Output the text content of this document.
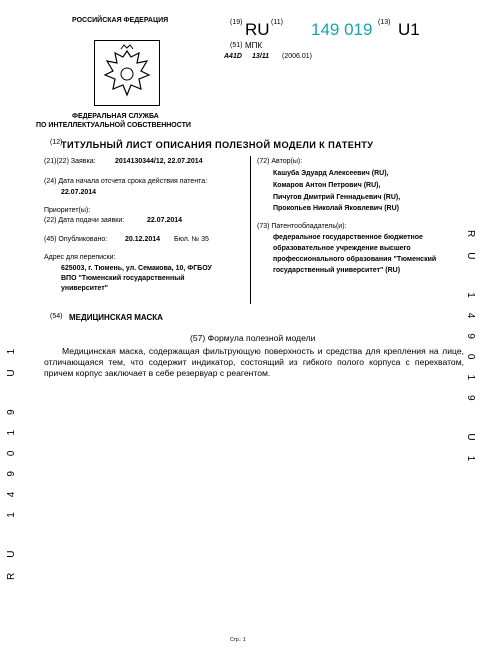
РОССИЙСКАЯ ФЕДЕРАЦИЯ
ФЕДЕРАЛЬНАЯ СЛУЖБА
ПО ИНТЕЛЛЕКТУАЛЬНОЙ СОБСТВЕННОСТИ
(19) RU (11) 149 019 (13) U1
(51) МПК
A41D 13/11 (2006.01)
(12)
ТИТУЛЬНЫЙ ЛИСТ ОПИСАНИЯ ПОЛЕЗНОЙ МОДЕЛИ К ПАТЕНТУ
(21)(22) Заявка:	2014130344/12, 22.07.2014
(24) Дата начала отсчета срока действия патента:
22.07.2014
Приоритет(ы):
(22) Дата подачи заявки:	22.07.2014
(45) Опубликовано:	20.12.2014 Бюл. № 35
Адрес для переписки:
625003, г. Тюмень, ул. Семакова, 10, ФГБОУ
ВПО "Тюменский государственный
университет"
(72) Автор(ы):
Кашуба Эдуард Алексеевич (RU),
Комаров Антон Петрович (RU),
Пичугов Дмитрий Геннадьевич (RU),
Прокопьев Николай Яковлевич (RU)
(73) Патентообладатель(и):
федеральное государственное бюджетное
образовательное учреждение высшего
профессионального образования "Тюменский
государственный университет" (RU)
(54) МЕДИЦИНСКАЯ МАСКА
(57) Формула полезной модели
Медицинская маска, содержащая фильтрующую поверхность и средства для крепления на лице, отличающаяся тем, что содержит индикатор, состоящий из гибкого полого корпуса с перехватом, причем корпус заключает в себе резервуар с реагентом.	RU 149019 U1
RU 149019 U1
Стр.: 1
